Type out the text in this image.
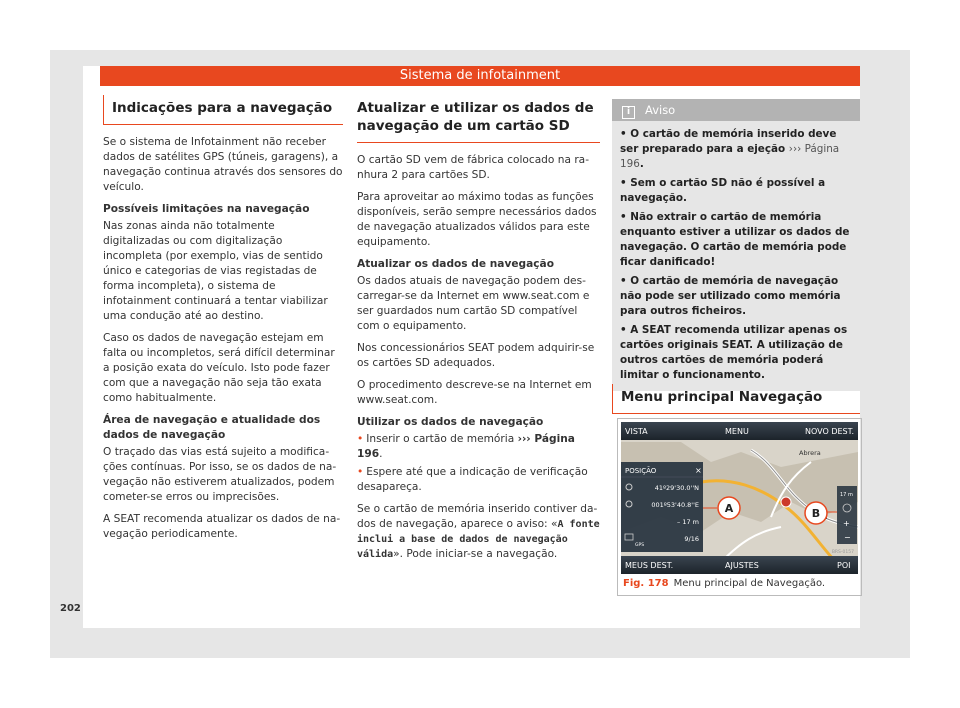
Sistema de infotainment
202
Indicações para a navegação

Se o sistema de Infotainment não receber dados de satélites GPS (túneis, garagens), a navegação continua através dos sensores do veículo.

Possíveis limitações na navegação

Nas zonas ainda não totalmente digitalizadas ou com digitalização incompleta (por exemplo, vias de sentido único e categorias de vias registadas de forma incompleta), o sistema de infotainment continuará a tentar viabilizar uma condução até ao destino.

Caso os dados de navegação estejam em falta ou incompletos, será difícil determinar a posição exata do veículo. Isto pode fazer com que a navegação não seja tão exata como habitualmente.

Área de navegação e atualidade dos dados de navegação

O traçado das vias está sujeito a modificações contínuas. Por isso, se os dados de navegação não estiverem atualizados, podem cometer-se erros ou imprecisões.

A SEAT recomenda atualizar os dados de navegação periodicamente.

Atualizar e utilizar os dados de navegação de um cartão SD

O cartão SD vem de fábrica colocado na ranhura 2 para cartões SD.

Para aproveitar ao máximo todas as funções disponíveis, serão sempre necessários dados de navegação atualizados válidos para este equipamento.

Atualizar os dados de navegação

Os dados atuais de navegação podem descarregar-se da Internet em www.seat.com e ser guardados num cartão SD compatível com o equipamento.

Nos concessionários SEAT podem adquirir-se os cartões SD adequados.

O procedimento descreve-se na Internet em www.seat.com.

Utilizar os dados de navegação
• Inserir o cartão de memória ››› Página 196.
• Espere até que a indicação de verificação desapareça.

Se o cartão de memória inserido contiver dados de navegação, aparece o aviso: «A fonte inclui a base de dados de navegação válida». Pode iniciar-se a navegação.

i Aviso
• O cartão de memória inserido deve ser preparado para a ejeção ››› Página 196.
• Sem o cartão SD não é possível a navegação.
• Não extrair o cartão de memória enquanto estiver a utilizar os dados de navegação. O cartão de memória pode ficar danificado!
• O cartão de memória de navegação não pode ser utilizado como memória para outros ficheiros.
• A SEAT recomenda utilizar apenas os cartões originais SEAT. A utilização de outros cartões de memória poderá limitar o funcionamento.
Menu principal Navegação
VISTA	MENU	NOVO DEST.
MEUS DEST.	AJUSTES	POI
POSIÇÃO	×
41º29'30.0''N
001º53'40.8''E
– 17 m
GPS
9/16
17 m
+
−
Abrera
A	B
BRS-0157
Fig. 178 Menu principal de Navegação.
